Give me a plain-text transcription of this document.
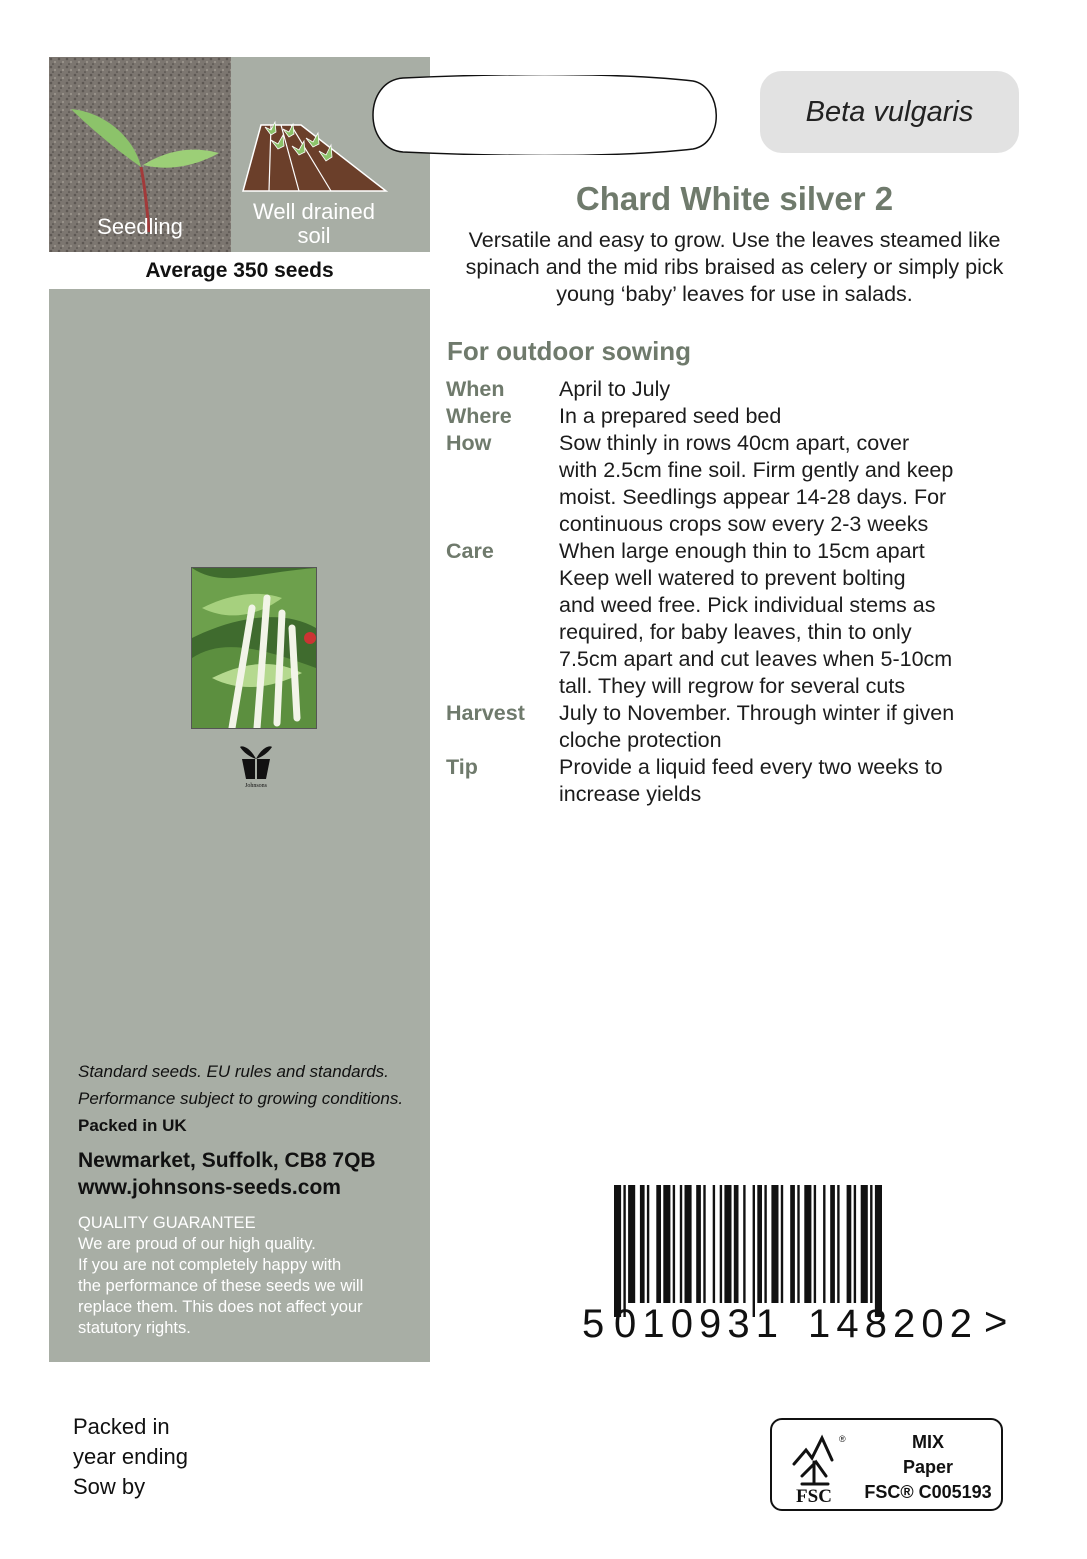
Seedling
Well drained
soil
Average 350 seeds
Johnsons
Standard seeds. EU rules and standards.
Performance subject to growing conditions.
Packed in UK
Newmarket, Suffolk, CB8 7QB
www.johnsons-seeds.com
QUALITY GUARANTEE
We are proud of our high quality.
If you are not completely happy with
the performance of these seeds we will
replace them. This does not affect your
statutory rights.
Packed in
year ending
Sow by
Beta vulgaris
Chard White silver 2
Versatile and easy to grow. Use the leaves steamed like spinach and the mid ribs braised as celery or simply pick young ‘baby’ leaves for use in salads.
For outdoor sowing
When	April to July
Where	In a prepared seed bed
How	Sow thinly in rows 40cm apart, cover
with 2.5cm fine soil. Firm gently and keep
moist. Seedlings appear 14-28 days. For
continuous crops sow every 2-3 weeks
Care	When large enough thin to 15cm apart
Keep well watered to prevent bolting
and weed free. Pick individual stems as
required, for baby leaves, thin to only
7.5cm apart and cut leaves when 5-10cm
tall. They will regrow for several cuts
Harvest	July to November. Through winter if given
cloche protection
Tip	Provide a liquid feed every two weeks to
increase yields
5 010931 148202 >
®
FSC
MIX
Paper
FSC® C005193
